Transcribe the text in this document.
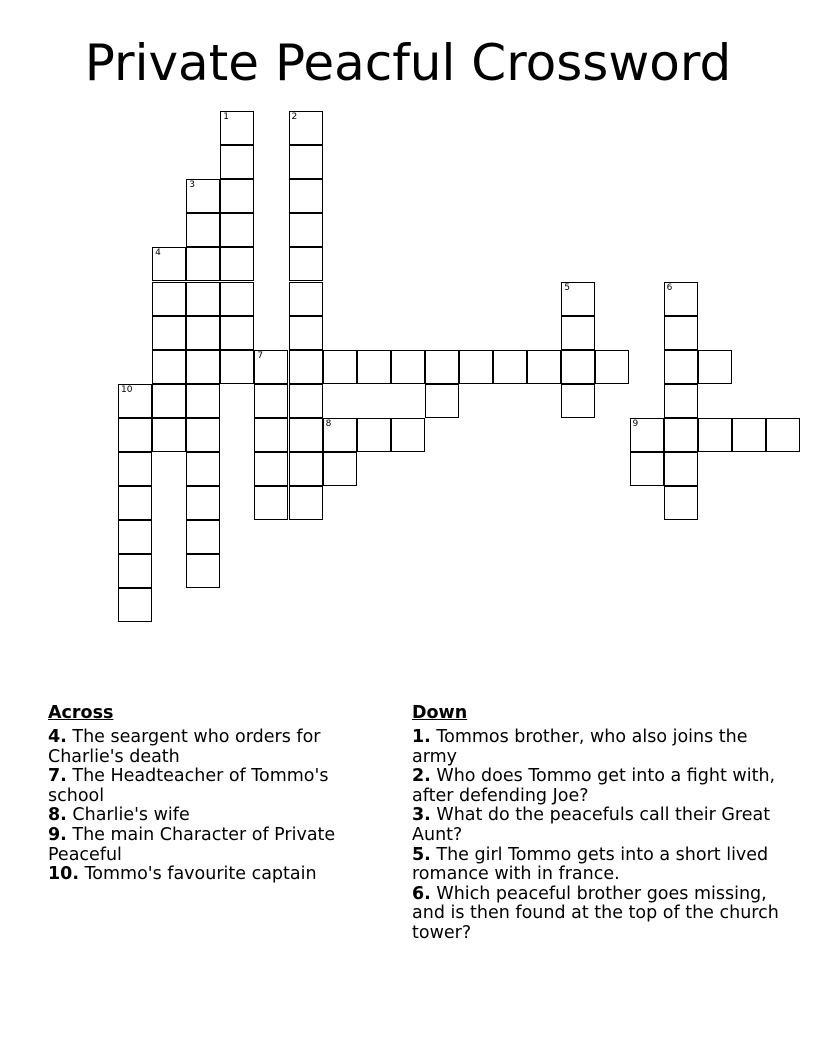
Private Peacful Crossword
10
4
3
1
7
2
8
5
9
6
Across

4. The seargent who orders for Charlie's death

7. The Headteacher of Tommo's school

8. Charlie's wife

9. The main Character of Private Peaceful

10. Tommo's favourite captain

Down

1. Tommos brother, who also joins the army

2. Who does Tommo get into a fight with, after defending Joe?

3. What do the peacefuls call their Great Aunt?

5. The girl Tommo gets into a short lived romance with in france.

6. Which peaceful brother goes missing, and is then found at the top of the church tower?
